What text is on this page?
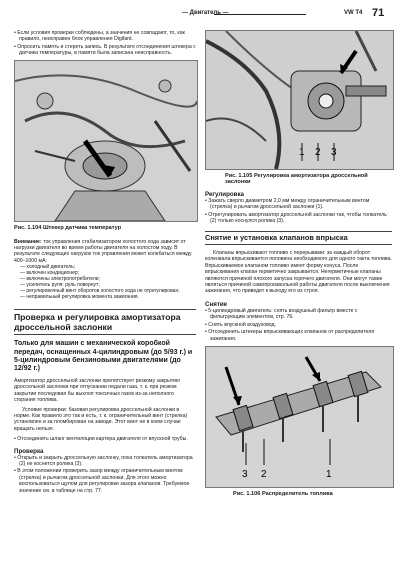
— Двигатель —	VW T4 71

• Если условия проверки соблюдены, а значения не совпадают, то, как правило, неисправен блок управления Digifant.

• Опросить память и стереть запись. В результате отсоединения штекера с датчика температуры, в памяти была записана неисправность.

Рис. 1.104 Штекер датчика температур

Внимание: ток управления стабилизатором холостого хода зависит от нагрузки двигателя во время работы двигателя на холостом ходу. В результате следующих нагрузок ток управления может колебаться между 400–1000 мА:

— холодный двигатель;

— включен кондиционер;

— включены электропотребители;

— усилитель руля: руль повернут;

— регулировочный винт оборотов холостого хода не отрегулирован;

— неправильный регулировка момента зажигания.

Проверка и регулировка амортизатора дроссельной заслонки

Только для машин с механической коробкой передач, оснащенных 4-цилиндровым (до 5/93 г.) и 5-цилиндровым бензиновыми двигателями (до 12/92 г.)

Амортизатор дроссельной заслонки препятствует резкому закрытию дроссельной заслонки при отпускании педали газа, т. к. при резком закрытии последовая бы выхлоп токсичных газов из-за неполного сгорания топлива.

Условие проверки: базовая регулировка дроссельной заслонки в норме. Как правило это так и есть, т. к. ограничительный винт (стрелка) установлен и за пломбирован на заводе. Этот винт не в коем случае вращать нельзя.

• Отсоединить шланг вентиляции картера двигателя от впускной трубы.

Проверка

• Открыть и закрыть дроссельную заслонку, пока толкатель амортизатора (2) не коснется ролика (3).

• В этом положении проверить зазор между ограничительным винтом (стрелка) и рычагом дроссельной заслонки. Для этого можно воспользоваться щупом для регулировки зазора клапанов. Требуемое значение см. в таблице на стр. 77.

1 2 3

Рис. 1.105 Регулировка амортизатора дроссельной заслонки

Регулировка

• Зажать сверло диаметром 2,0 мм между ограничительным винтом (стрелка) и рычагом дроссельной заслонки (1).

• Отрегулировать амортизатор дроссельной заслонки так, чтобы толкатель (2) только коснулся ролика (3).

Снятие и установка клапанов впрыска

Клапаны впрыскивают топливо с перерывами: за каждый оборот коленвала впрыскивается половина необходимого для одного такта топлива. Впрыскиваемое клапаном топливо имеет форму конуса. После впрыскивания клапан герметично закрывается. Негерметичные клапаны являются причиной плохого запуска горячего двигателя. Они могут также являться причиной самопроизвольной работы двигателя после выключения зажигания, что приведет к выходу его из строя.

Снятие

• 5-цилиндровый двигатель: снять воздушный фильтр вместе с фильтрующим элементом, стр. 76.

• Снять впускной воздуховод.

• Отсоединить штекеры впрыскивающих клапанов от распределителя зажигания.

3 2	1

Рис. 1.106 Распределитель топлива
